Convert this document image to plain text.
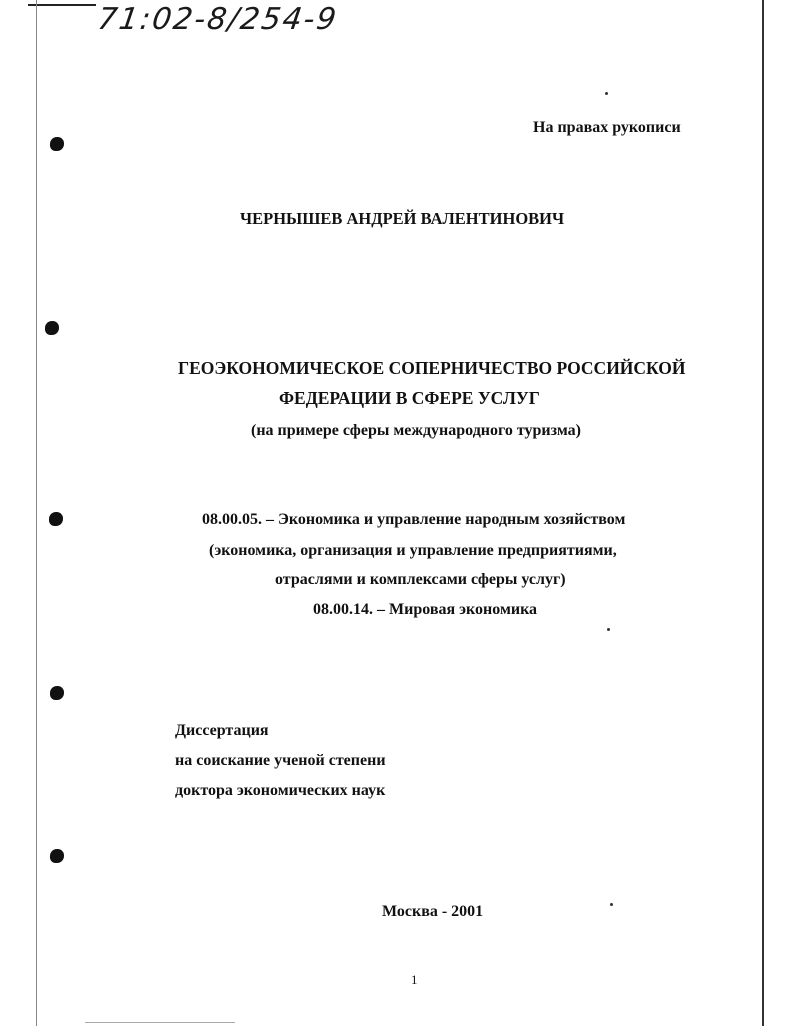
71:02-8/254-9
На правах рукописи
ЧЕРНЫШЕВ АНДРЕЙ ВАЛЕНТИНОВИЧ
ГЕОЭКОНОМИЧЕСКОЕ СОПЕРНИЧЕСТВО РОССИЙСКОЙ
ФЕДЕРАЦИИ В СФЕРЕ УСЛУГ
(на примере сферы международного туризма)
08.00.05. – Экономика и управление народным хозяйством
(экономика, организация и управление предприятиями,
отраслями и комплексами сферы услуг)
08.00.14. – Мировая экономика
Диссертация
на соискание ученой степени
доктора экономических наук
Москва - 2001
1
